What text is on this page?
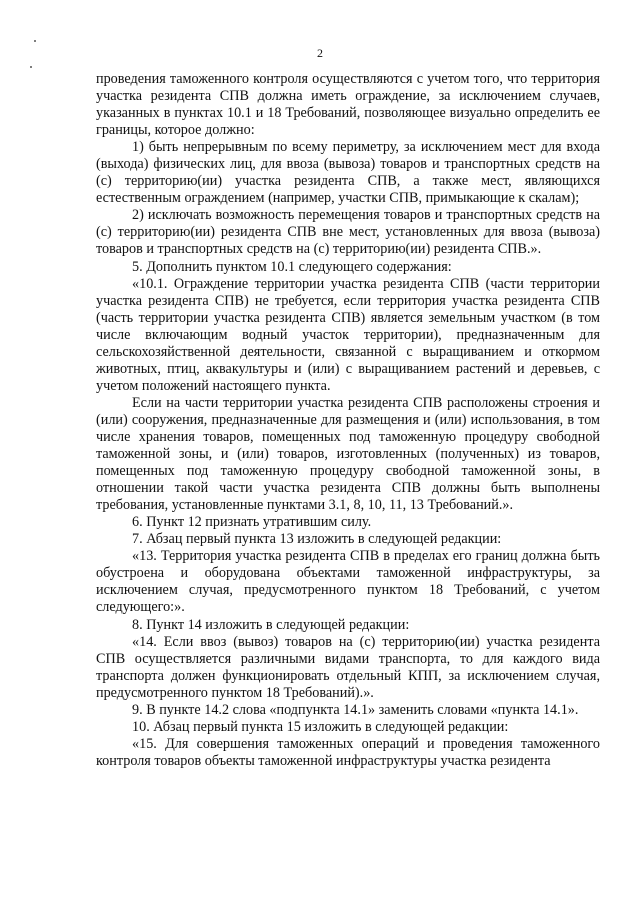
2

проведения таможенного контроля осуществляются с учетом того, что территория участка резидента СПВ должна иметь ограждение, за исключением случаев, указанных в пунктах 10.1 и 18 Требований, позволяющее визуально определить ее границы, которое должно:

1) быть непрерывным по всему периметру, за исключением мест для входа (выхода) физических лиц, для ввоза (вывоза) товаров и транспортных средств на (с) территорию(ии) участка резидента СПВ, а также мест, являющихся естественным ограждением (например, участки СПВ, примыкающие к скалам);

2) исключать возможность перемещения товаров и транспортных средств на (с) территорию(ии) резидента СПВ вне мест, установленных для ввоза (вывоза) товаров и транспортных средств на (с) территорию(ии) резидента СПВ.».

5. Дополнить пунктом 10.1 следующего содержания:

«10.1. Ограждение территории участка резидента СПВ (части территории участка резидента СПВ) не требуется, если территория участка резидента СПВ (часть территории участка резидента СПВ) является земельным участком (в том числе включающим водный участок территории), предназначенным для сельскохозяйственной деятельности, связанной с выращиванием и откормом животных, птиц, аквакультуры и (или) с выращиванием растений и деревьев, с учетом положений настоящего пункта.

Если на части территории участка резидента СПВ расположены строения и (или) сооружения, предназначенные для размещения и (или) использования, в том числе хранения товаров, помещенных под таможенную процедуру свободной таможенной зоны, и (или) товаров, изготовленных (полученных) из товаров, помещенных под таможенную процедуру свободной таможенной зоны, в отношении такой части участка резидента СПВ должны быть выполнены требования, установленные пунктами 3.1, 8, 10, 11, 13 Требований.».

6. Пункт 12 признать утратившим силу.

7. Абзац первый пункта 13 изложить в следующей редакции:

«13. Территория участка резидента СПВ в пределах его границ должна быть обустроена и оборудована объектами таможенной инфраструктуры, за исключением случая, предусмотренного пунктом 18 Требований, с учетом следующего:».

8. Пункт 14 изложить в следующей редакции:

«14. Если ввоз (вывоз) товаров на (с) территорию(ии) участка резидента СПВ осуществляется различными видами транспорта, то для каждого вида транспорта должен функционировать отдельный КПП, за исключением случая, предусмотренного пунктом 18 Требований).».

9. В пункте 14.2 слова «подпункта 14.1» заменить словами «пункта 14.1».

10. Абзац первый пункта 15 изложить в следующей редакции:

«15. Для совершения таможенных операций и проведения таможенного контроля товаров объекты таможенной инфраструктуры участка резидента
